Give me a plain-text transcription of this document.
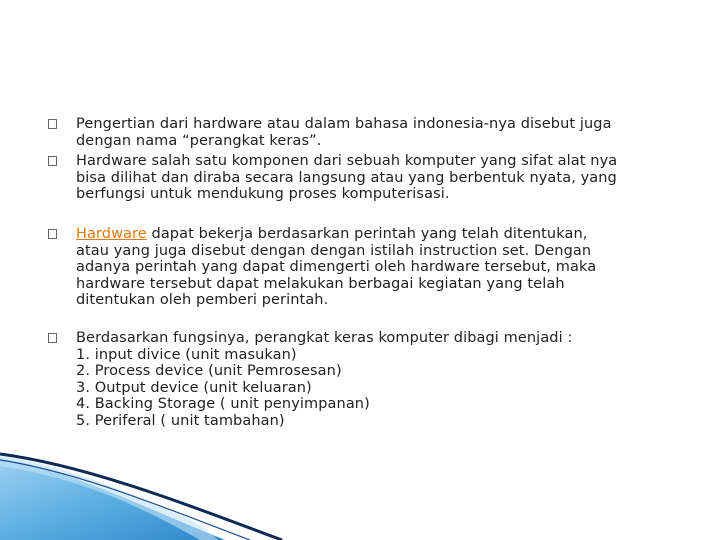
Pengertian dari hardware atau dalam bahasa indonesia-nya disebut juga
dengan nama “perangkat keras”.
Hardware salah satu komponen dari sebuah komputer yang sifat alat nya
bisa dilihat dan diraba secara langsung atau yang berbentuk nyata, yang
berfungsi untuk mendukung proses komputerisasi.
Hardware dapat bekerja berdasarkan perintah yang telah ditentukan,
atau yang juga disebut dengan dengan istilah instruction set. Dengan
adanya perintah yang dapat dimengerti oleh hardware tersebut, maka
hardware tersebut dapat melakukan berbagai kegiatan yang telah
ditentukan oleh pemberi perintah.
Berdasarkan fungsinya, perangkat keras komputer dibagi menjadi :
1. input divice (unit masukan)
2. Process device (unit Pemrosesan)
3. Output device (unit keluaran)
4. Backing Storage ( unit penyimpanan)
5. Periferal ( unit tambahan)
